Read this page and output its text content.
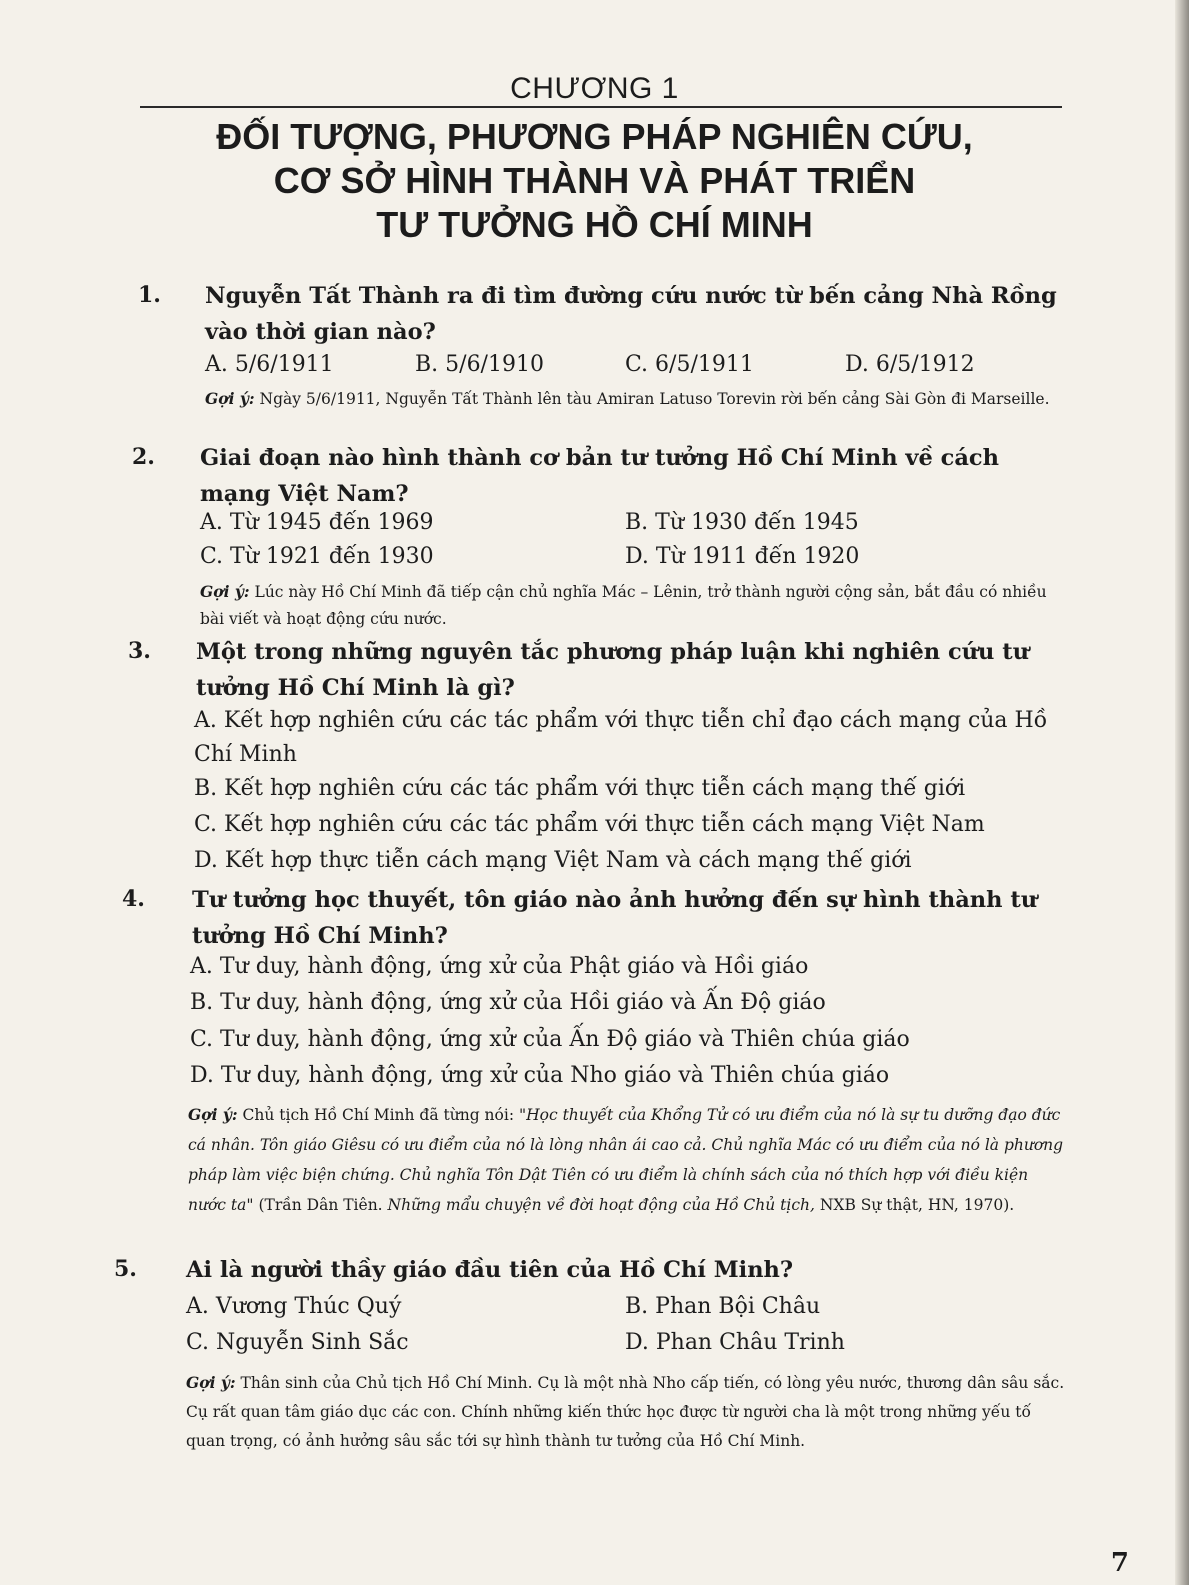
CHƯƠNG 1
ĐỐI TƯỢNG, PHƯƠNG PHÁP NGHIÊN CỨU,
CƠ SỞ HÌNH THÀNH VÀ PHÁT TRIỂN
TƯ TƯỞNG HỒ CHÍ MINH
1. Nguyễn Tất Thành ra đi tìm đường cứu nước từ bến cảng Nhà Rồng vào thời gian nào?
A. 5/6/1911	B. 5/6/1910	C. 6/5/1911	D. 6/5/1912
Gợi ý: Ngày 5/6/1911, Nguyễn Tất Thành lên tàu Amiran Latuso Torevin rời bến cảng Sài Gòn đi Marseille.
2. Giai đoạn nào hình thành cơ bản tư tưởng Hồ Chí Minh về cách mạng Việt Nam?
A. Từ 1945 đến 1969	B. Từ 1930 đến 1945
C. Từ 1921 đến 1930	D. Từ 1911 đến 1920
Gợi ý: Lúc này Hồ Chí Minh đã tiếp cận chủ nghĩa Mác – Lênin, trở thành người cộng sản, bắt đầu có nhiều bài viết và hoạt động cứu nước.
3. Một trong những nguyên tắc phương pháp luận khi nghiên cứu tư tưởng Hồ Chí Minh là gì?
A. Kết hợp nghiên cứu các tác phẩm với thực tiễn chỉ đạo cách mạng của Hồ Chí Minh
B. Kết hợp nghiên cứu các tác phẩm với thực tiễn cách mạng thế giới
C. Kết hợp nghiên cứu các tác phẩm với thực tiễn cách mạng Việt Nam
D. Kết hợp thực tiễn cách mạng Việt Nam và cách mạng thế giới
4. Tư tưởng học thuyết, tôn giáo nào ảnh hưởng đến sự hình thành tư tưởng Hồ Chí Minh?
A. Tư duy, hành động, ứng xử của Phật giáo và Hồi giáo
B. Tư duy, hành động, ứng xử của Hồi giáo và Ấn Độ giáo
C. Tư duy, hành động, ứng xử của Ấn Độ giáo và Thiên chúa giáo
D. Tư duy, hành động, ứng xử của Nho giáo và Thiên chúa giáo
Gợi ý: Chủ tịch Hồ Chí Minh đã từng nói: "Học thuyết của Khổng Tử có ưu điểm của nó là sự tu dưỡng đạo đức cá nhân. Tôn giáo Giêsu có ưu điểm của nó là lòng nhân ái cao cả. Chủ nghĩa Mác có ưu điểm của nó là phương pháp làm việc biện chứng. Chủ nghĩa Tôn Dật Tiên có ưu điểm là chính sách của nó thích hợp với điều kiện nước ta" (Trần Dân Tiên. Những mẩu chuyện về đời hoạt động của Hồ Chủ tịch, NXB Sự thật, HN, 1970).
5. Ai là người thầy giáo đầu tiên của Hồ Chí Minh?
A. Vương Thúc Quý	B. Phan Bội Châu
C. Nguyễn Sinh Sắc	D. Phan Châu Trinh
Gợi ý: Thân sinh của Chủ tịch Hồ Chí Minh. Cụ là một nhà Nho cấp tiến, có lòng yêu nước, thương dân sâu sắc. Cụ rất quan tâm giáo dục các con. Chính những kiến thức học được từ người cha là một trong những yếu tố quan trọng, có ảnh hưởng sâu sắc tới sự hình thành tư tưởng của Hồ Chí Minh.
7
